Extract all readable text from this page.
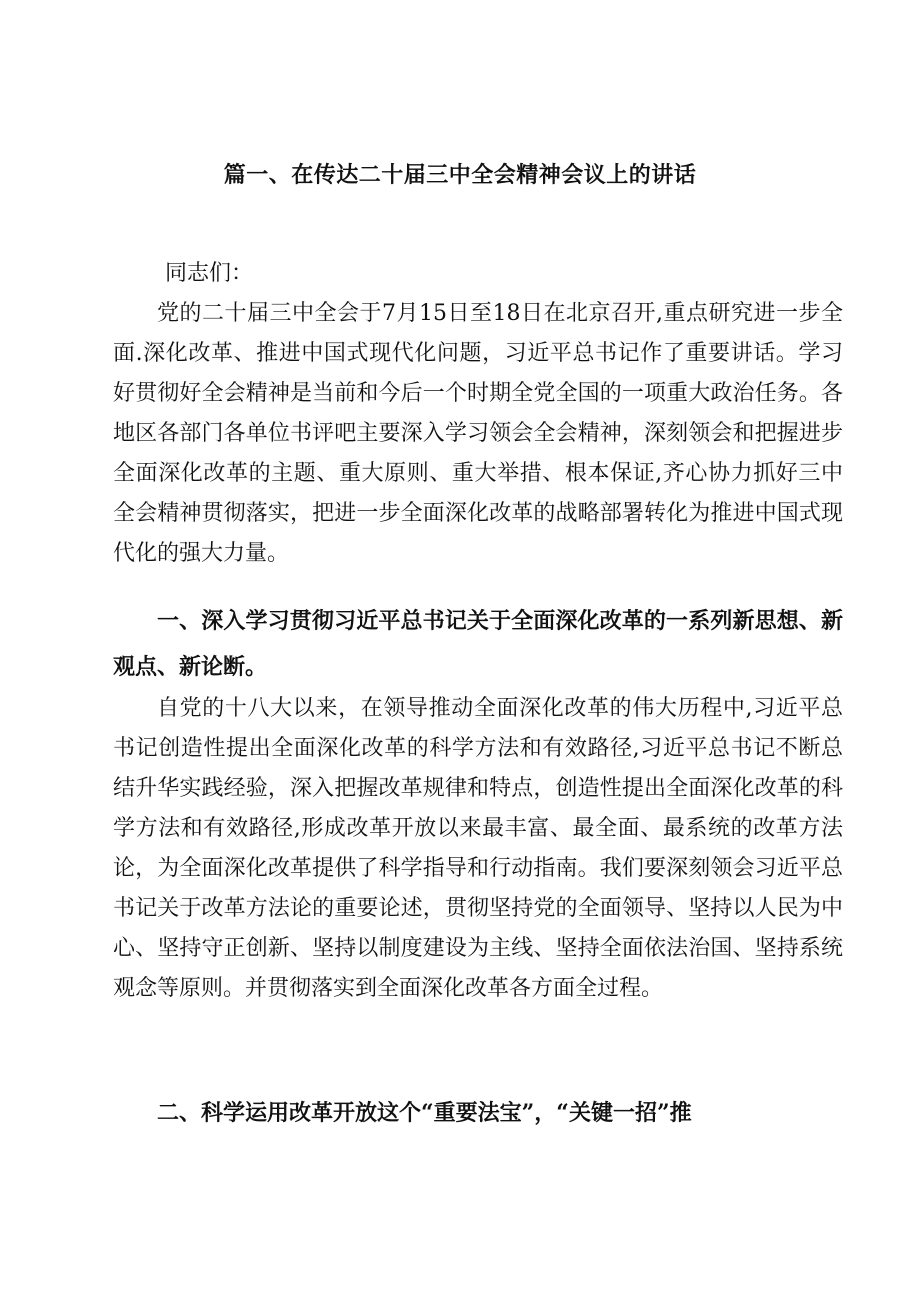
篇一、在传达二十届三中全会精神会议上的讲话

同志们：

党的二十届三中全会于7月15日至18日在北京召开,重点研究进一步全面.深化改革、推进中国式现代化问题，习近平总书记作了重要讲话。学习好贯彻好全会精神是当前和今后一个时期全党全国的一项重大政治任务。各地区各部门各单位书评吧主要深入学习领会全会精神，深刻领会和把握进步全面深化改革的主题、重大原则、重大举措、根本保证,齐心协力抓好三中全会精神贯彻落实，把进一步全面深化改革的战略部署转化为推进中国式现代化的强大力量。

一、深入学习贯彻习近平总书记关于全面深化改革的一系列新思想、新观点、新论断。

自党的十八大以来，在领导推动全面深化改革的伟大历程中,习近平总书记创造性提出全面深化改革的科学方法和有效路径,习近平总书记不断总结升华实践经验，深入把握改革规律和特点，创造性提出全面深化改革的科学方法和有效路径,形成改革开放以来最丰富、最全面、最系统的改革方法论，为全面深化改革提供了科学指导和行动指南。我们要深刻领会习近平总书记关于改革方法论的重要论述，贯彻坚持党的全面领导、坚持以人民为中心、坚持守正创新、坚持以制度建设为主线、坚持全面依法治国、坚持系统观念等原则。并贯彻落实到全面深化改革各方面全过程。

二、科学运用改革开放这个“重要法宝”，“关键一招”推
